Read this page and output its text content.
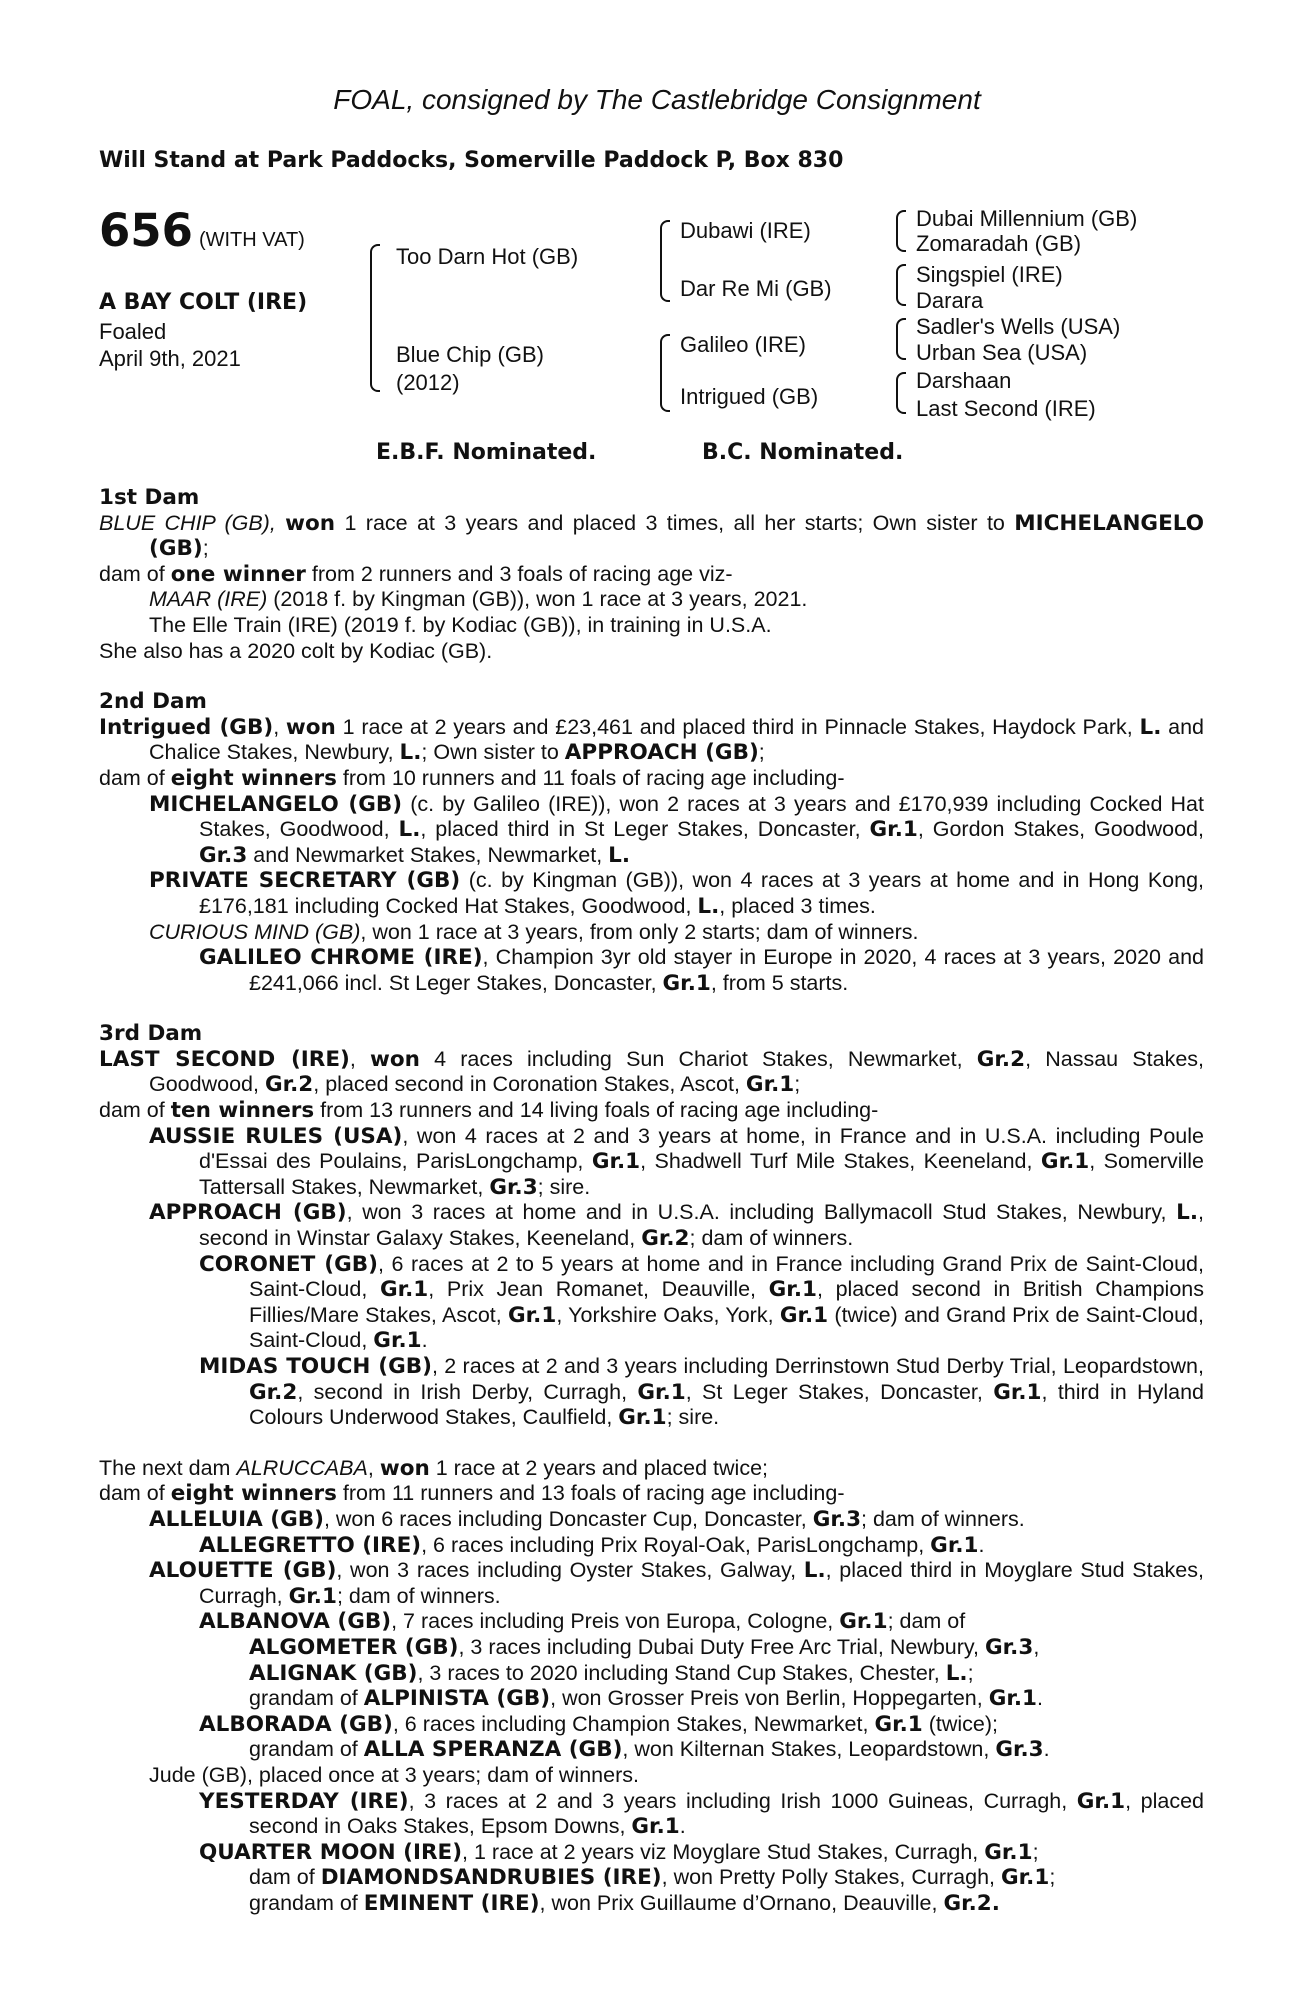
FOAL, consigned by The Castlebridge Consignment
Will Stand at Park Paddocks, Somerville Paddock P, Box 830
656 (WITH VAT)
A BAY COLT (IRE)
Foaled
April 9th, 2021
Too Darn Hot (GB)
Blue Chip (GB)
(2012)
Dubawi (IRE)
Dar Re Mi (GB)
Galileo (IRE)
Intrigued (GB)
Dubai Millennium (GB)
Zomaradah (GB)
Singspiel (IRE)
Darara
Sadler's Wells (USA)
Urban Sea (USA)
Darshaan
Last Second (IRE)
E.B.F. Nominated.	B.C. Nominated.

1st Dam

BLUE CHIP (GB), won 1 race at 3 years and placed 3 times, all her starts; Own sister to MICHELANGELO (GB);

dam of one winner from 2 runners and 3 foals of racing age viz-

MAAR (IRE) (2018 f. by Kingman (GB)), won 1 race at 3 years, 2021.

The Elle Train (IRE) (2019 f. by Kodiac (GB)), in training in U.S.A.

She also has a 2020 colt by Kodiac (GB).

2nd Dam

Intrigued (GB), won 1 race at 2 years and £23,461 and placed third in Pinnacle Stakes, Haydock Park, L. and Chalice Stakes, Newbury, L.; Own sister to APPROACH (GB);

dam of eight winners from 10 runners and 11 foals of racing age including-

MICHELANGELO (GB) (c. by Galileo (IRE)), won 2 races at 3 years and £170,939 including Cocked Hat Stakes, Goodwood, L., placed third in St Leger Stakes, Doncaster, Gr.1, Gordon Stakes, Goodwood, Gr.3 and Newmarket Stakes, Newmarket, L.

PRIVATE SECRETARY (GB) (c. by Kingman (GB)), won 4 races at 3 years at home and in Hong Kong, £176,181 including Cocked Hat Stakes, Goodwood, L., placed 3 times.

CURIOUS MIND (GB), won 1 race at 3 years, from only 2 starts; dam of winners.

GALILEO CHROME (IRE), Champion 3yr old stayer in Europe in 2020, 4 races at 3 years, 2020 and £241,066 incl. St Leger Stakes, Doncaster, Gr.1, from 5 starts.

3rd Dam

LAST SECOND (IRE), won 4 races including Sun Chariot Stakes, Newmarket, Gr.2, Nassau Stakes, Goodwood, Gr.2, placed second in Coronation Stakes, Ascot, Gr.1;

dam of ten winners from 13 runners and 14 living foals of racing age including-

AUSSIE RULES (USA), won 4 races at 2 and 3 years at home, in France and in U.S.A. including Poule d'Essai des Poulains, ParisLongchamp, Gr.1, Shadwell Turf Mile Stakes, Keeneland, Gr.1, Somerville Tattersall Stakes, Newmarket, Gr.3; sire.

APPROACH (GB), won 3 races at home and in U.S.A. including Ballymacoll Stud Stakes, Newbury, L., second in Winstar Galaxy Stakes, Keeneland, Gr.2; dam of winners.

CORONET (GB), 6 races at 2 to 5 years at home and in France including Grand Prix de Saint-Cloud, Saint-Cloud, Gr.1, Prix Jean Romanet, Deauville, Gr.1, placed second in British Champions Fillies/Mare Stakes, Ascot, Gr.1, Yorkshire Oaks, York, Gr.1 (twice) and Grand Prix de Saint-Cloud, Saint-Cloud, Gr.1.

MIDAS TOUCH (GB), 2 races at 2 and 3 years including Derrinstown Stud Derby Trial, Leopardstown, Gr.2, second in Irish Derby, Curragh, Gr.1, St Leger Stakes, Doncaster, Gr.1, third in Hyland Colours Underwood Stakes, Caulfield, Gr.1; sire.

The next dam ALRUCCABA, won 1 race at 2 years and placed twice;

dam of eight winners from 11 runners and 13 foals of racing age including-

ALLELUIA (GB), won 6 races including Doncaster Cup, Doncaster, Gr.3; dam of winners.

ALLEGRETTO (IRE), 6 races including Prix Royal-Oak, ParisLongchamp, Gr.1.

ALOUETTE (GB), won 3 races including Oyster Stakes, Galway, L., placed third in Moyglare Stud Stakes, Curragh, Gr.1; dam of winners.

ALBANOVA (GB), 7 races including Preis von Europa, Cologne, Gr.1; dam of

ALGOMETER (GB), 3 races including Dubai Duty Free Arc Trial, Newbury, Gr.3,

ALIGNAK (GB), 3 races to 2020 including Stand Cup Stakes, Chester, L.;

grandam of ALPINISTA (GB), won Grosser Preis von Berlin, Hoppegarten, Gr.1.

ALBORADA (GB), 6 races including Champion Stakes, Newmarket, Gr.1 (twice);

grandam of ALLA SPERANZA (GB), won Kilternan Stakes, Leopardstown, Gr.3.

Jude (GB), placed once at 3 years; dam of winners.

YESTERDAY (IRE), 3 races at 2 and 3 years including Irish 1000 Guineas, Curragh, Gr.1, placed second in Oaks Stakes, Epsom Downs, Gr.1.

QUARTER MOON (IRE), 1 race at 2 years viz Moyglare Stud Stakes, Curragh, Gr.1;

dam of DIAMONDSANDRUBIES (IRE), won Pretty Polly Stakes, Curragh, Gr.1;

grandam of EMINENT (IRE), won Prix Guillaume d’Ornano, Deauville, Gr.2.
